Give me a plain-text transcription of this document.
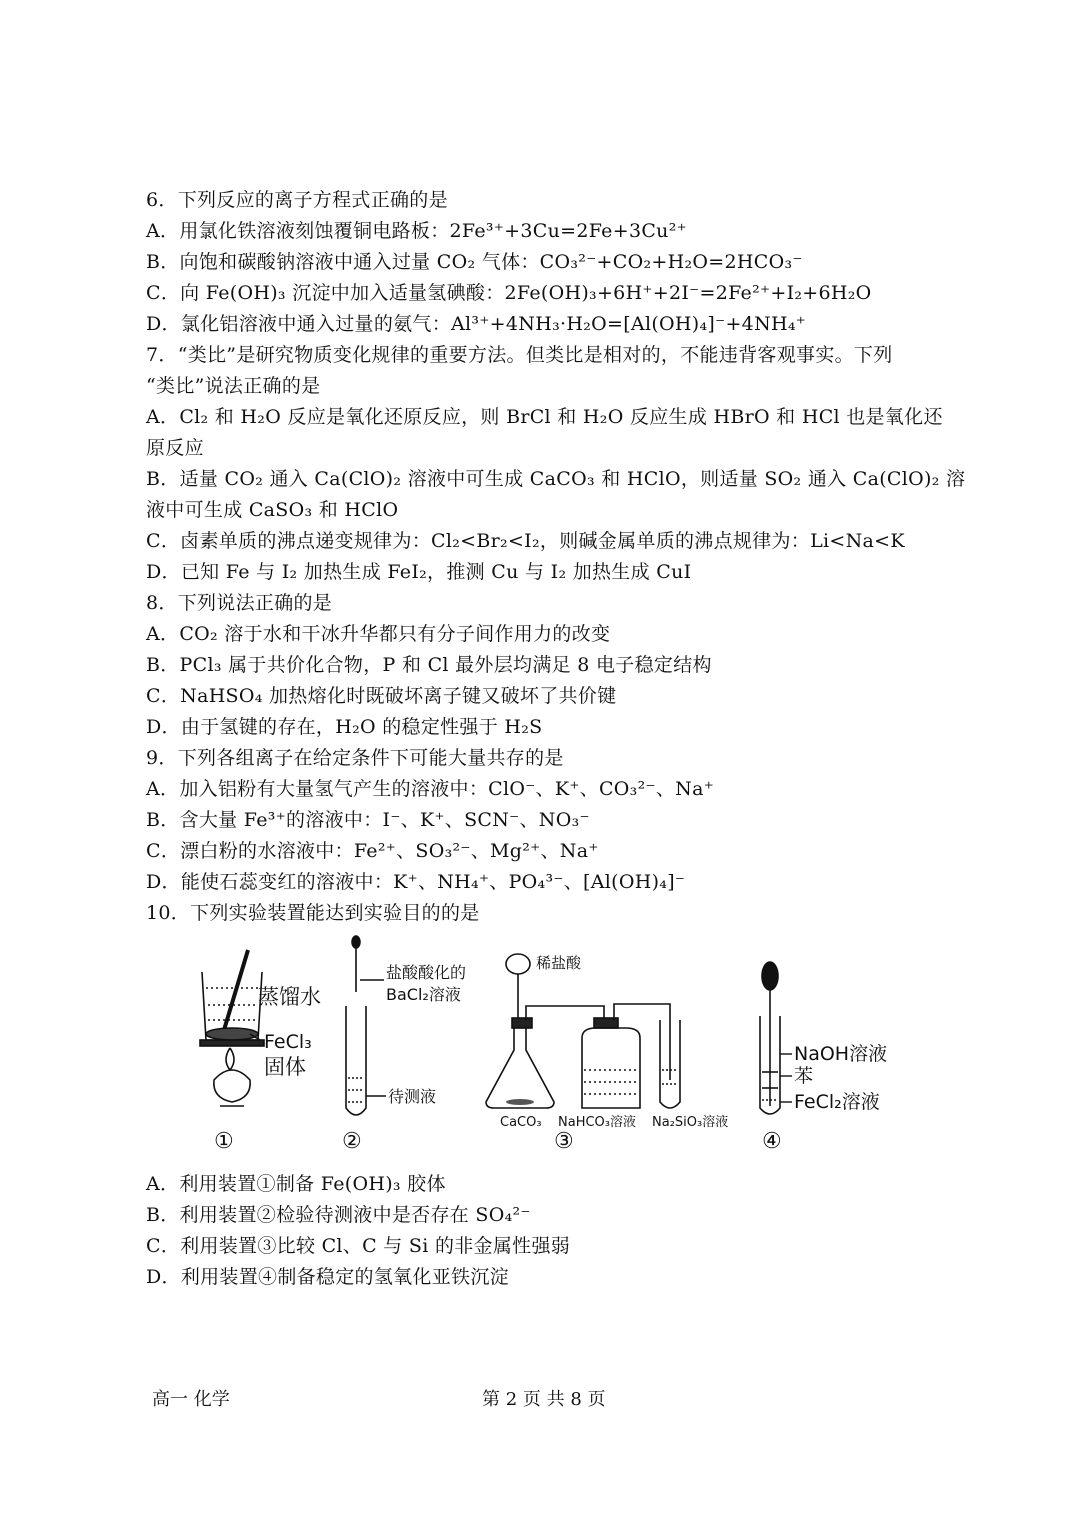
6．下列反应的离子方程式正确的是
A．用氯化铁溶液刻蚀覆铜电路板：2Fe³⁺+3Cu=2Fe+3Cu²⁺
B．向饱和碳酸钠溶液中通入过量 CO₂ 气体：CO₃²⁻+CO₂+H₂O=2HCO₃⁻
C．向 Fe(OH)₃ 沉淀中加入适量氢碘酸：2Fe(OH)₃+6H⁺+2I⁻=2Fe²⁺+I₂+6H₂O
D．氯化铝溶液中通入过量的氨气：Al³⁺+4NH₃·H₂O=[Al(OH)₄]⁻+4NH₄⁺
7．“类比”是研究物质变化规律的重要方法。但类比是相对的，不能违背客观事实。下列
“类比”说法正确的是
A．Cl₂ 和 H₂O 反应是氧化还原反应，则 BrCl 和 H₂O 反应生成 HBrO 和 HCl 也是氧化还
原反应
B．适量 CO₂ 通入 Ca(ClO)₂ 溶液中可生成 CaCO₃ 和 HClO，则适量 SO₂ 通入 Ca(ClO)₂ 溶
液中可生成 CaSO₃ 和 HClO
C．卤素单质的沸点递变规律为：Cl₂<Br₂<I₂，则碱金属单质的沸点规律为：Li<Na<K
D．已知 Fe 与 I₂ 加热生成 FeI₂，推测 Cu 与 I₂ 加热生成 CuI
8．下列说法正确的是
A．CO₂ 溶于水和干冰升华都只有分子间作用力的改变
B．PCl₃ 属于共价化合物，P 和 Cl 最外层均满足 8 电子稳定结构
C．NaHSO₄ 加热熔化时既破坏离子键又破坏了共价键
D．由于氢键的存在，H₂O 的稳定性强于 H₂S
9．下列各组离子在给定条件下可能大量共存的是
A．加入铝粉有大量氢气产生的溶液中：ClO⁻、K⁺、CO₃²⁻、Na⁺
B．含大量 Fe³⁺的溶液中：I⁻、K⁺、SCN⁻、NO₃⁻
C．漂白粉的水溶液中：Fe²⁺、SO₃²⁻、Mg²⁺、Na⁺
D．能使石蕊变红的溶液中：K⁺、NH₄⁺、PO₄³⁻、[Al(OH)₄]⁻
10．下列实验装置能达到实验目的的是
蒸馏水
FeCl₃
固体
①
盐酸酸化的
BaCl₂溶液
待测液
②
稀盐酸
CaCO₃ NaHCO₃溶液 Na₂SiO₃溶液
③	④
NaOH溶液
苯
FeCl₂溶液
A．利用装置①制备 Fe(OH)₃ 胶体
B．利用装置②检验待测液中是否存在 SO₄²⁻
C．利用装置③比较 Cl、C 与 Si 的非金属性强弱
D．利用装置④制备稳定的氢氧化亚铁沉淀
高一 化学	第 2 页 共 8 页
